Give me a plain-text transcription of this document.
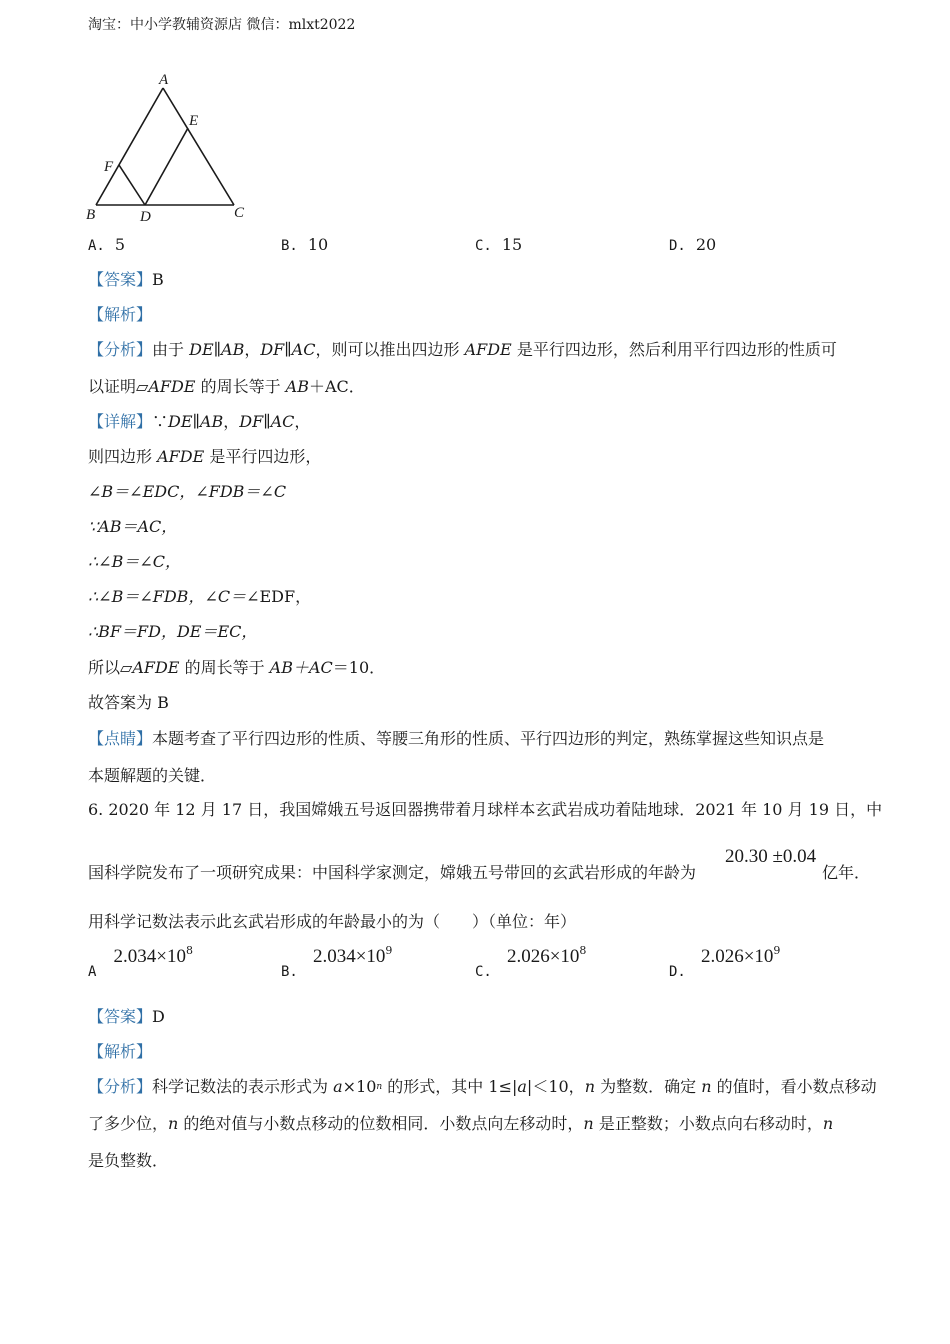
淘宝：中小学教辅资源店 微信：mlxt2022
A
B	C
D
E
F
A. 5	B. 10	C. 15	D. 20
【答案】B
【解析】
【分析】由于 DE∥AB，DF∥AC，则可以推出四边形 AFDE 是平行四边形，然后利用平行四边形的性质可
以证明▱AFDE 的周长等于 AB＋AC．
【详解】∵DE∥AB，DF∥AC，
则四边形 AFDE 是平行四边形，
∠B＝∠EDC，∠FDB＝∠C
∵AB＝AC，
∴∠B＝∠C，
∴∠B＝∠FDB，∠C＝∠EDF，
∴BF＝FD，DE＝EC，
所以▱AFDE 的周长等于 AB＋AC＝10．
故答案为 B
【点睛】本题考查了平行四边形的性质、等腰三角形的性质、平行四边形的判定，熟练掌握这些知识点是
本题解题的关键．
6. 2020 年 12 月 17 日，我国嫦娥五号返回器携带着月球样本玄武岩成功着陆地球．2021 年 10 月 19 日，中
国科学院发布了一项研究成果：中国科学家测定，嫦娥五号带回的玄武岩形成的年龄为
20.30 ±0.04
亿年．
用科学记数法表示此玄武岩形成的年龄最小的为（　　）（单位：年）
A $2.034\times 10^8$
B. $2.034\times 10^9$
C. $2.026\times 10^8$
D. $2.026\times 10^9$
【答案】D
【解析】
【分析】科学记数法的表示形式为 $a\times 10^n$ 的形式，其中 1≤|a|＜10，n 为整数．确定 n 的值时，看小数点移动
了多少位，n 的绝对值与小数点移动的位数相同．小数点向左移动时，n 是正整数；小数点向右移动时，n
是负整数．
